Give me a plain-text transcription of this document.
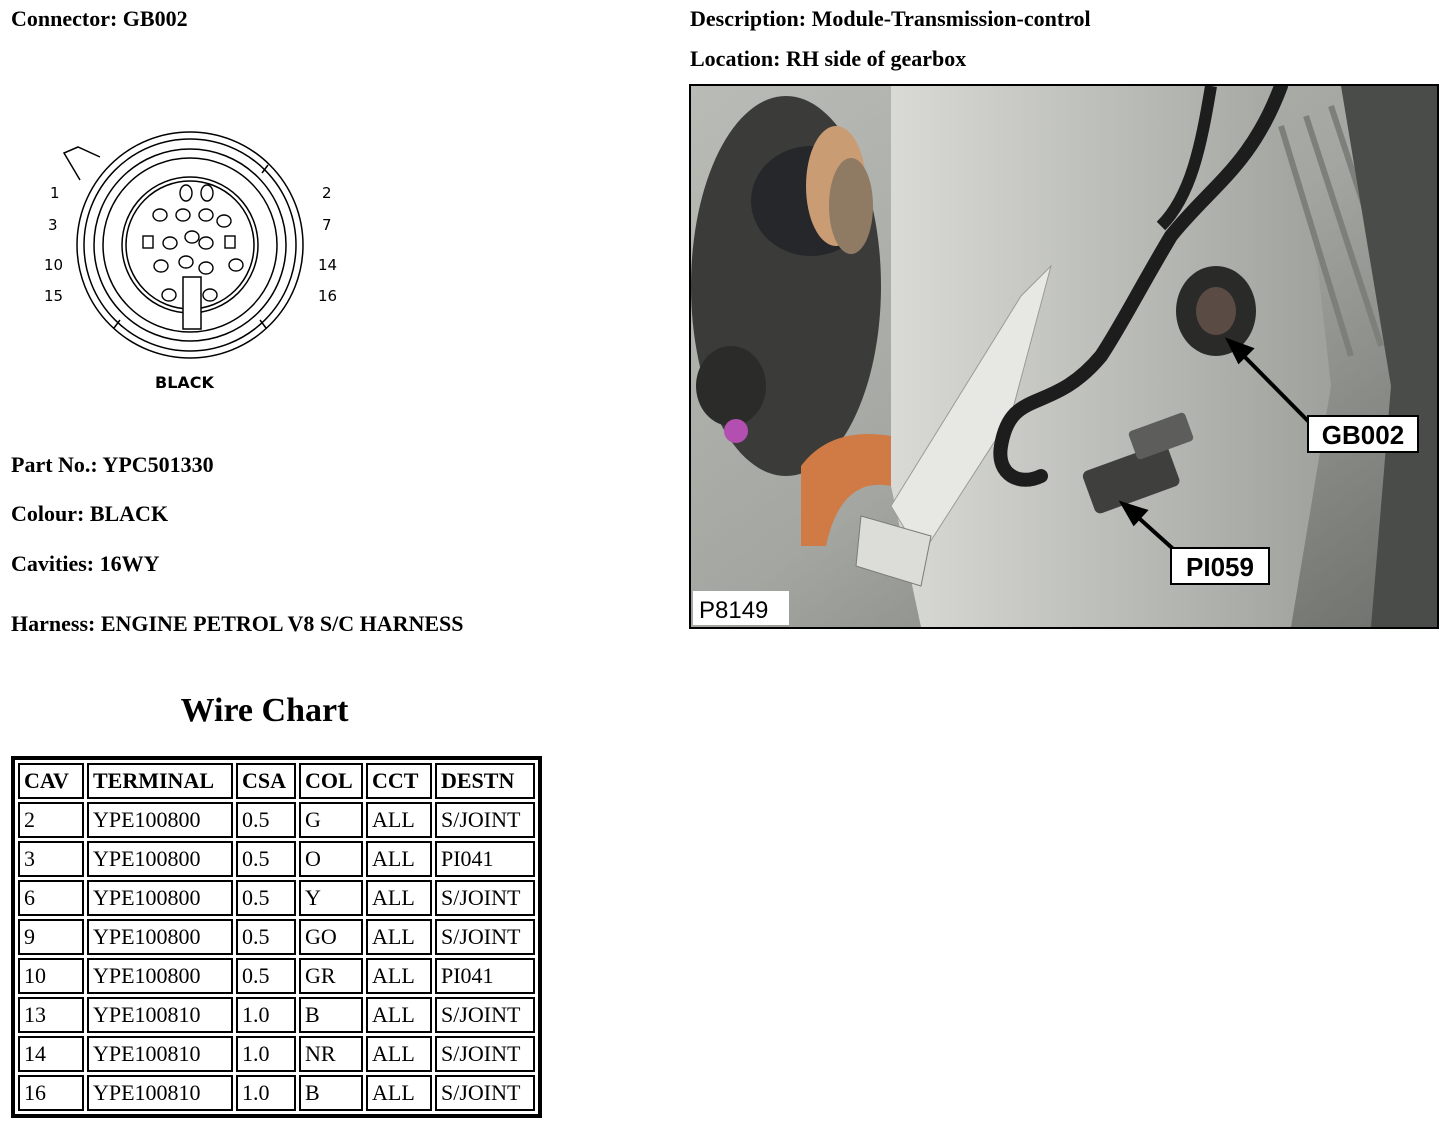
Connector: GB002	Description: Module-Transmission-control
Location: RH side of gearbox
1	2
3	7
10	14
15	16
BLACK
Part No.: YPC501330
Colour: BLACK
Cavities: 16WY
Harness: ENGINE PETROL V8 S/C HARNESS
GB002
PI059
P8149
Wire Chart
CAV	TERMINAL	CSA	COL	CCT	DESTN
2	YPE100800	0.5	G	ALL	S/JOINT
3	YPE100800	0.5	O	ALL	PI041
6	YPE100800	0.5	Y	ALL	S/JOINT
9	YPE100800	0.5	GO	ALL	S/JOINT
10	YPE100800	0.5	GR	ALL	PI041
13	YPE100810	1.0	B	ALL	S/JOINT
14	YPE100810	1.0	NR	ALL	S/JOINT
16	YPE100810	1.0	B	ALL	S/JOINT
